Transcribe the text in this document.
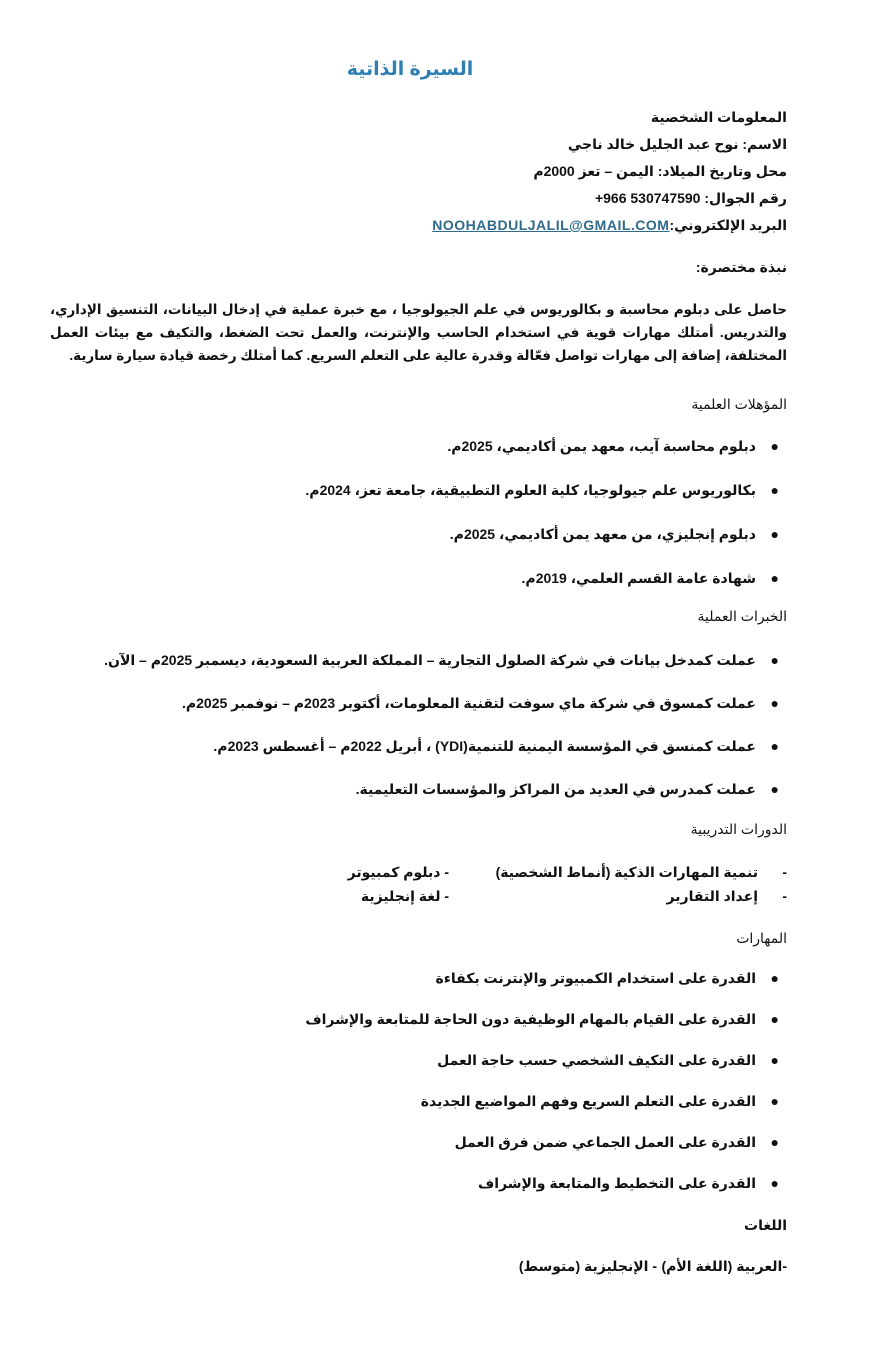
السيرة الذاتية
المعلومات الشخصية
الاسم: نوح عبد الجليل خالد ناجي
محل وتاريخ الميلاد: اليمن – تعز 2000م
رقم الجوال: +966 530747590
البريد الإلكتروني:NOOHABDULJALIL@GMAIL.COM
نبذة مختصرة:
حاصل على دبلوم محاسبة و بكالوريوس في علم الجيولوجيا ، مع خبرة عملية في إدخال البيانات، التنسيق الإداري، والتدريس. أمتلك مهارات قوية في استخدام الحاسب والإنترنت، والعمل تحت الضغط، والتكيف مع بيئات العمل المختلفة، إضافة إلى مهارات تواصل فعّالة وقدرة عالية على التعلم السريع. كما أمتلك رخصة قيادة سيارة سارية.
المؤهلات العلمية
●
دبلوم محاسبة آيب، معهد يمن أكاديمي، 2025م.
●
بكالوريوس علم جيولوجيا، كلية العلوم التطبيقية، جامعة تعز، 2024م.
●
دبلوم إنجليزي، من معهد يمن أكاديمي، 2025م.
●
شهادة عامة القسم العلمي، 2019م.
الخبرات العملية
●
عملت كمدخل بيانات في شركة الصلول التجارية – المملكة العربية السعودية، ديسمبر 2025م – الآن.
●
عملت كمسوق في شركة ماي سوفت لتقنية المعلومات، أكتوبر 2023م – نوفمبر 2025م.
●
عملت كمنسق في المؤسسة اليمنية للتنمية(YDI) ، أبريل 2022م – أغسطس 2023م.
●
عملت كمدرس في العديد من المراكز والمؤسسات التعليمية.
الدورات التدريبية
-تنمية المهارات الذكية (أنماط الشخصية)
- دبلوم كمبيوتر
-إعداد التقارير
- لغة إنجليزية
المهارات
●
القدرة على استخدام الكمبيوتر والإنترنت بكفاءة
●
القدرة على القيام بالمهام الوظيفية دون الحاجة للمتابعة والإشراف
●
القدرة على التكيف الشخصي حسب حاجة العمل
●
القدرة على التعلم السريع وفهم المواضيع الجديدة
●
القدرة على العمل الجماعي ضمن فرق العمل
●
القدرة على التخطيط والمتابعة والإشراف
اللغات
-العربية (اللغة الأم)
- الإنجليزية (متوسط)
